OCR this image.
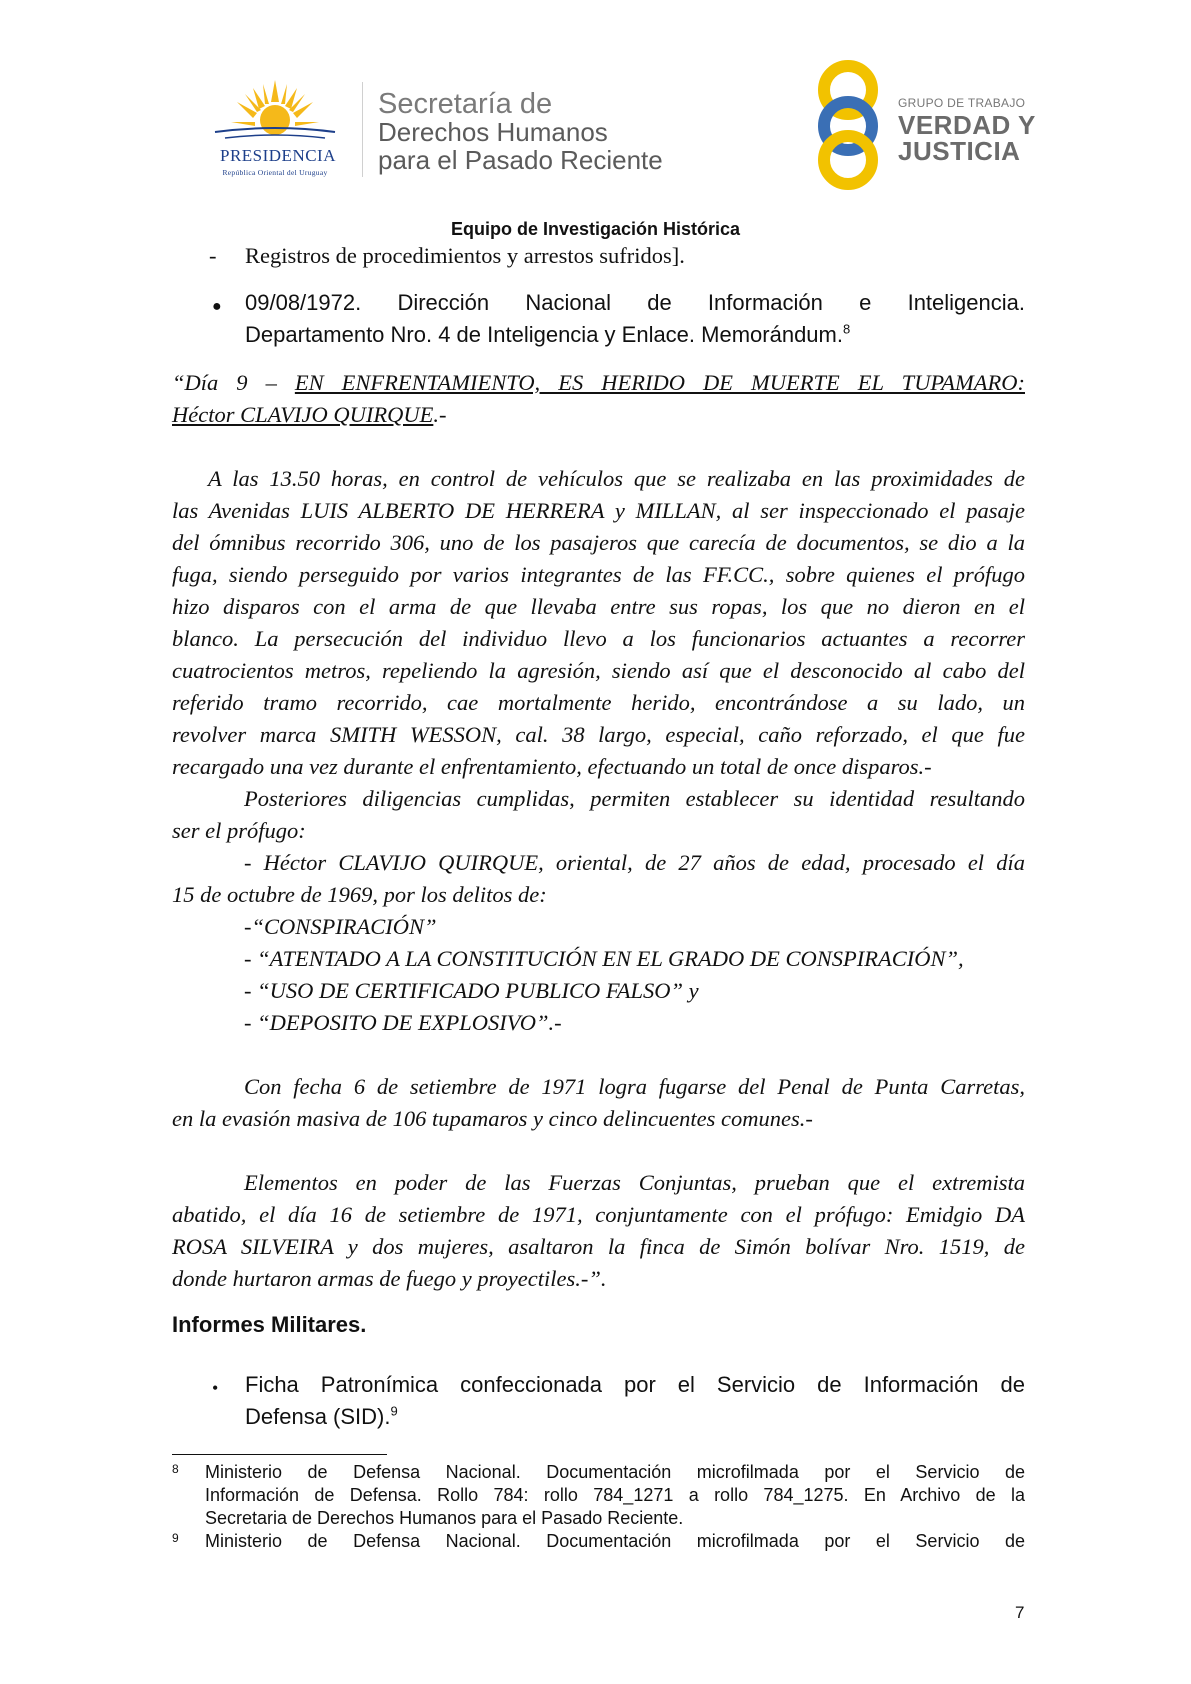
PRESIDENCIA
República Oriental del Uruguay
Secretaría de
Derechos Humanos
para el Pasado Reciente
GRUPO DE TRABAJO
VERDAD Y
JUSTICIA
Equipo de Investigación Histórica
- Registros de procedimientos y arrestos sufridos].
● 09/08/1972. Dirección Nacional de Información e Inteligencia.
Departamento Nro. 4 de Inteligencia y Enlace. Memorándum.$^8$
“Día 9 – EN ENFRENTAMIENTO, ES HERIDO DE MUERTE EL TUPAMARO:
Héctor CLAVIJO QUIRQUE.-
A las 13.50 horas, en control de vehículos que se realizaba en las proximidades de
las Avenidas LUIS ALBERTO DE HERRERA y MILLAN, al ser inspeccionado el pasaje
del ómnibus recorrido 306, uno de los pasajeros que carecía de documentos, se dio a la
fuga, siendo perseguido por varios integrantes de las FF.CC., sobre quienes el prófugo
hizo disparos con el arma de que llevaba entre sus ropas, los que no dieron en el
blanco. La persecución del individuo llevo a los funcionarios actuantes a recorrer
cuatrocientos metros, repeliendo la agresión, siendo así que el desconocido al cabo del
referido tramo recorrido, cae mortalmente herido, encontrándose a su lado, un
revolver marca SMITH WESSON, cal. 38 largo, especial, caño reforzado, el que fue
recargado una vez durante el enfrentamiento, efectuando un total de once disparos.-
Posteriores diligencias cumplidas, permiten establecer su identidad resultando
ser el prófugo:
- Héctor CLAVIJO QUIRQUE, oriental, de 27 años de edad, procesado el día
15 de octubre de 1969, por los delitos de:
-“CONSPIRACIÓN”
- “ATENTADO A LA CONSTITUCIÓN EN EL GRADO DE CONSPIRACIÓN”,
- “USO DE CERTIFICADO PUBLICO FALSO” y
- “DEPOSITO DE EXPLOSIVO”.-
Con fecha 6 de setiembre de 1971 logra fugarse del Penal de Punta Carretas,
en la evasión masiva de 106 tupamaros y cinco delincuentes comunes.-
Elementos en poder de las Fuerzas Conjuntas, prueban que el extremista
abatido, el día 16 de setiembre de 1971, conjuntamente con el prófugo: Emidgio DA
ROSA SILVEIRA y dos mujeres, asaltaron la finca de Simón bolívar Nro. 1519, de
donde hurtaron armas de fuego y proyectiles.-”.
Informes Militares.
• Ficha Patronímica confeccionada por el Servicio de Información de
Defensa (SID).$^9$
8 Ministerio de Defensa Nacional. Documentación microfilmada por el Servicio de
Información de Defensa. Rollo 784: rollo 784_1271 a rollo 784_1275. En Archivo de la
Secretaria de Derechos Humanos para el Pasado Reciente.
9 Ministerio de Defensa Nacional. Documentación microfilmada por el Servicio de
7
